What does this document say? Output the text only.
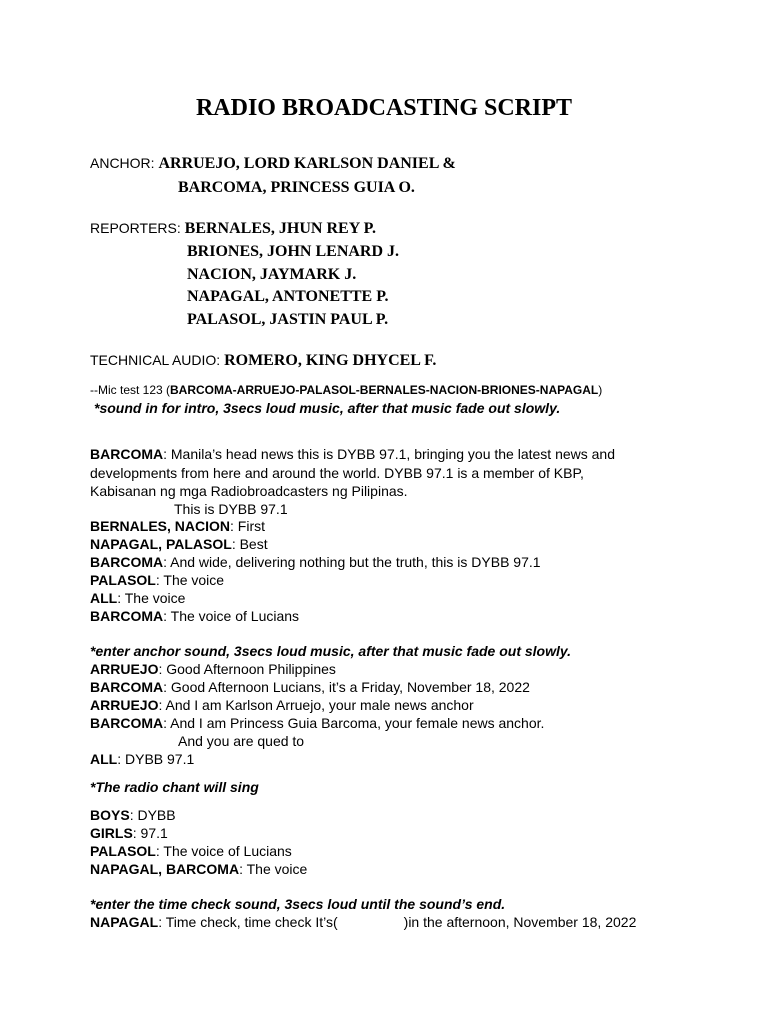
RADIO BROADCASTING SCRIPT
ANCHOR: ARRUEJO, LORD KARLSON DANIEL &
BARCOMA, PRINCESS GUIA O.
REPORTERS: BERNALES, JHUN REY P.
BRIONES, JOHN LENARD J.
NACION, JAYMARK J.
NAPAGAL, ANTONETTE P.
PALASOL, JASTIN PAUL P.
TECHNICAL AUDIO: ROMERO, KING DHYCEL F.
--Mic test 123 (BARCOMA-ARRUEJO-PALASOL-BERNALES-NACION-BRIONES-NAPAGAL)
*sound in for intro, 3secs loud music, after that music fade out slowly.
BARCOMA: Manila’s head news this is DYBB 97.1, bringing you the latest news and
developments from here and around the world. DYBB 97.1 is a member of KBP,
Kabisanan ng mga Radiobroadcasters ng Pilipinas.
This is DYBB 97.1
BERNALES, NACION: First
NAPAGAL, PALASOL: Best
BARCOMA: And wide, delivering nothing but the truth, this is DYBB 97.1
PALASOL: The voice
ALL: The voice
BARCOMA: The voice of Lucians
*enter anchor sound, 3secs loud music, after that music fade out slowly.
ARRUEJO: Good Afternoon Philippines
BARCOMA: Good Afternoon Lucians, it’s a Friday, November 18, 2022
ARRUEJO: And I am Karlson Arruejo, your male news anchor
BARCOMA: And I am Princess Guia Barcoma, your female news anchor.
And you are qued to
ALL: DYBB 97.1
*The radio chant will sing
BOYS: DYBB
GIRLS: 97.1
PALASOL: The voice of Lucians
NAPAGAL, BARCOMA: The voice
*enter the time check sound, 3secs loud until the sound’s end.
NAPAGAL: Time check, time check It’s(	)in the afternoon, November 18, 2022
